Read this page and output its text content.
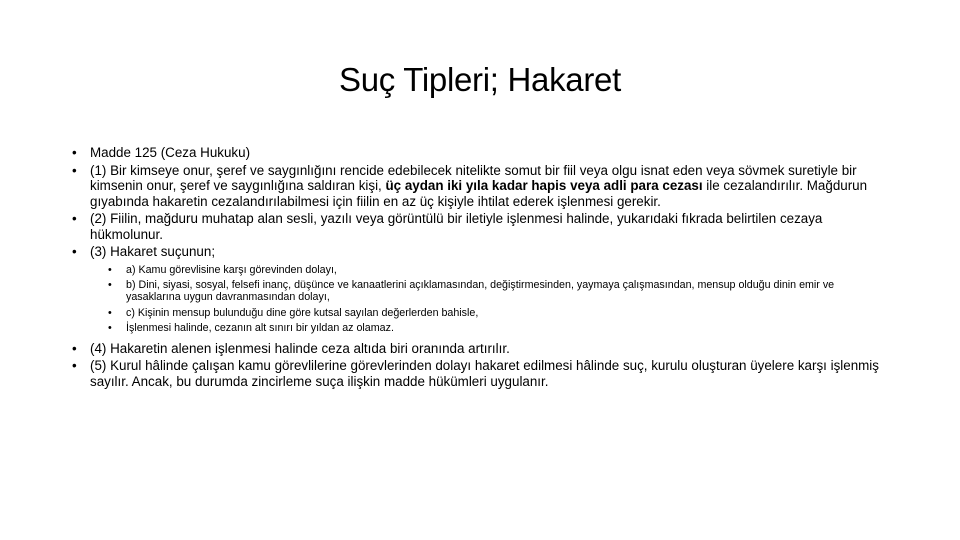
Suç Tipleri; Hakaret
• Madde 125 (Ceza Hukuku)
• (1) Bir kimseye onur, şeref ve saygınlığını rencide edebilecek nitelikte somut bir fiil veya olgu isnat eden veya sövmek suretiyle bir kimsenin onur, şeref ve saygınlığına saldıran kişi, üç aydan iki yıla kadar hapis veya adli para cezası ile cezalandırılır. Mağdurun gıyabında hakaretin cezalandırılabilmesi için fiilin en az üç kişiyle ihtilat ederek işlenmesi gerekir.
• (2) Fiilin, mağduru muhatap alan sesli, yazılı veya görüntülü bir iletiyle işlenmesi halinde, yukarıdaki fıkrada belirtilen cezaya hükmolunur.
• (3) Hakaret suçunun;
• a) Kamu görevlisine karşı görevinden dolayı,
• b) Dini, siyasi, sosyal, felsefi inanç, düşünce ve kanaatlerini açıklamasından, değiştirmesinden, yaymaya çalışmasından, mensup olduğu dinin emir ve yasaklarına uygun davranmasından dolayı,
• c) Kişinin mensup bulunduğu dine göre kutsal sayılan değerlerden bahisle,
• İşlenmesi halinde, cezanın alt sınırı bir yıldan az olamaz.
• (4) Hakaretin alenen işlenmesi halinde ceza altıda biri oranında artırılır.
• (5) Kurul hâlinde çalışan kamu görevlilerine görevlerinden dolayı hakaret edilmesi hâlinde suç, kurulu oluşturan üyelere karşı işlenmiş sayılır. Ancak, bu durumda zincirleme suça ilişkin madde hükümleri uygulanır.
